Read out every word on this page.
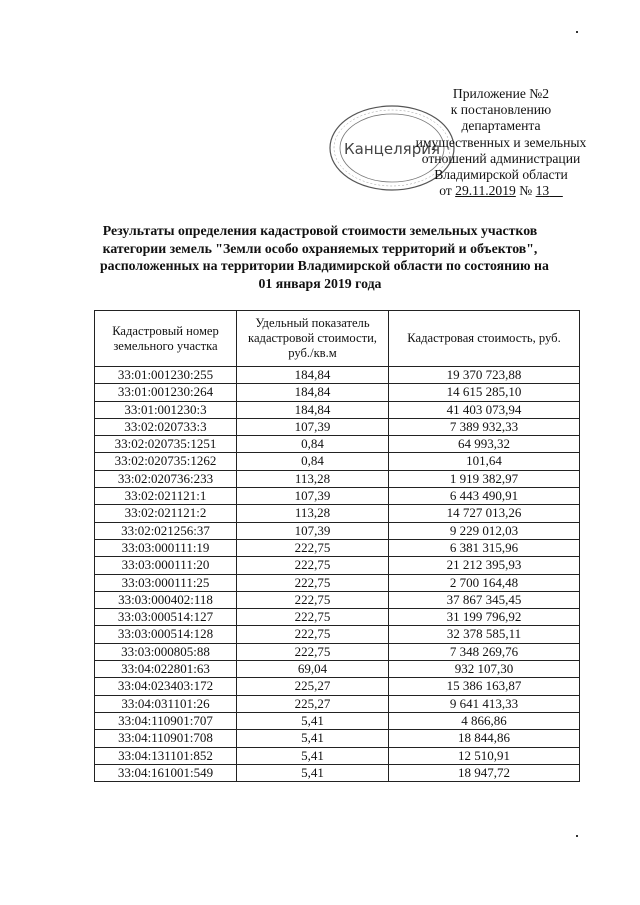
Канцелярия
Приложение №2
к постановлению
департамента
имущественных и земельных
отношений администрации
Владимирской области
от 29.11.2019 № 13
Результаты определения кадастровой стоимости земельных участков
категории земель "Земли особо охраняемых территорий и объектов",
расположенных на территории Владимирской области по состоянию на
01 января 2019 года
Кадастровый номер земельного участка	Удельный показатель кадастровой стоимости, руб./кв.м	Кадастровая стоимость, руб.
33:01:001230:255	184,84	19 370 723,88
33:01:001230:264	184,84	14 615 285,10
33:01:001230:3	184,84	41 403 073,94
33:02:020733:3	107,39	7 389 932,33
33:02:020735:1251	0,84	64 993,32
33:02:020735:1262	0,84	101,64
33:02:020736:233	113,28	1 919 382,97
33:02:021121:1	107,39	6 443 490,91
33:02:021121:2	113,28	14 727 013,26
33:02:021256:37	107,39	9 229 012,03
33:03:000111:19	222,75	6 381 315,96
33:03:000111:20	222,75	21 212 395,93
33:03:000111:25	222,75	2 700 164,48
33:03:000402:118	222,75	37 867 345,45
33:03:000514:127	222,75	31 199 796,92
33:03:000514:128	222,75	32 378 585,11
33:03:000805:88	222,75	7 348 269,76
33:04:022801:63	69,04	932 107,30
33:04:023403:172	225,27	15 386 163,87
33:04:031101:26	225,27	9 641 413,33
33:04:110901:707	5,41	4 866,86
33:04:110901:708	5,41	18 844,86
33:04:131101:852	5,41	12 510,91
33:04:161001:549	5,41	18 947,72
